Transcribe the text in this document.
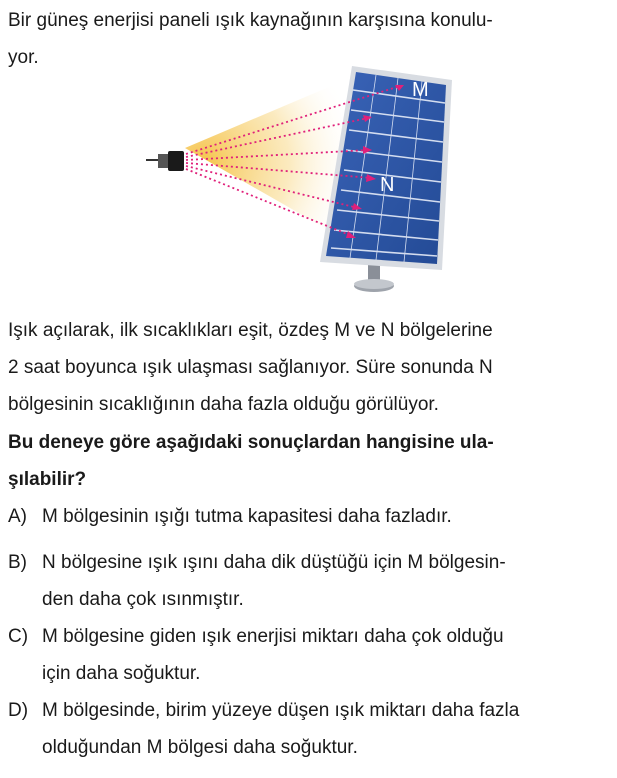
Bir güneş enerjisi paneli ışık kaynağının karşısına konulu-
yor.
M
N
Işık açılarak, ilk sıcaklıkları eşit, özdeş M ve N bölgelerine
2 saat boyunca ışık ulaşması sağlanıyor. Süre sonunda N
bölgesinin sıcaklığının daha fazla olduğu görülüyor.
Bu deneye göre aşağıdaki sonuçlardan hangisine ula-
şılabilir?
A) M bölgesinin ışığı tutma kapasitesi daha fazladır.
B) N bölgesine ışık ışını daha dik düştüğü için M bölgesin-
den daha çok ısınmıştır.
C) M bölgesine giden ışık enerjisi miktarı daha çok olduğu
için daha soğuktur.
D) M bölgesinde, birim yüzeye düşen ışık miktarı daha fazla
olduğundan M bölgesi daha soğuktur.
